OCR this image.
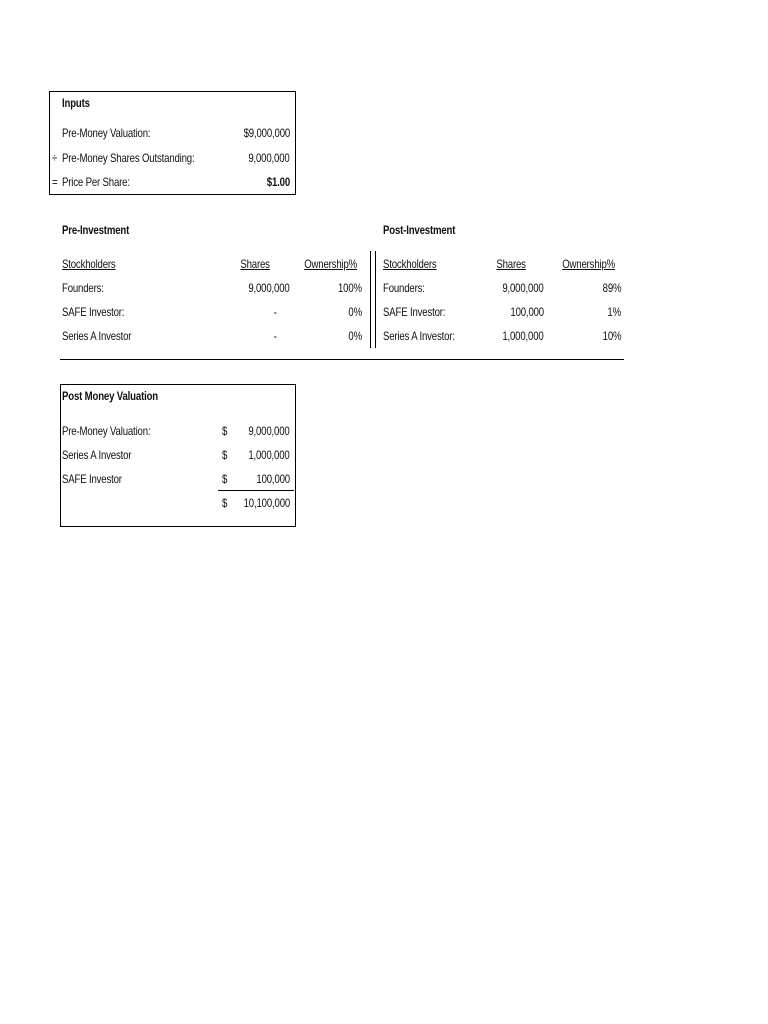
Inputs
Pre-Money Valuation:	$9,000,000
÷ Pre-Money Shares Outstanding:	9,000,000
= Price Per Share:	$1.00
Pre-Investment
Stockholders	Shares	Ownership%
Founders:	9,000,000	100%
SAFE Investor:	-	0%
Series A Investor	-	0%
Post-Investment
Stockholders	Shares	Ownership%
Founders:	9,000,000	89%
SAFE Investor:	100,000	1%
Series A Investor:	1,000,000	10%
Post Money Valuation
Pre-Money Valuation:	$ 9,000,000
Series A Investor	$ 1,000,000
SAFE Investor	$ 100,000
$ 10,100,000
